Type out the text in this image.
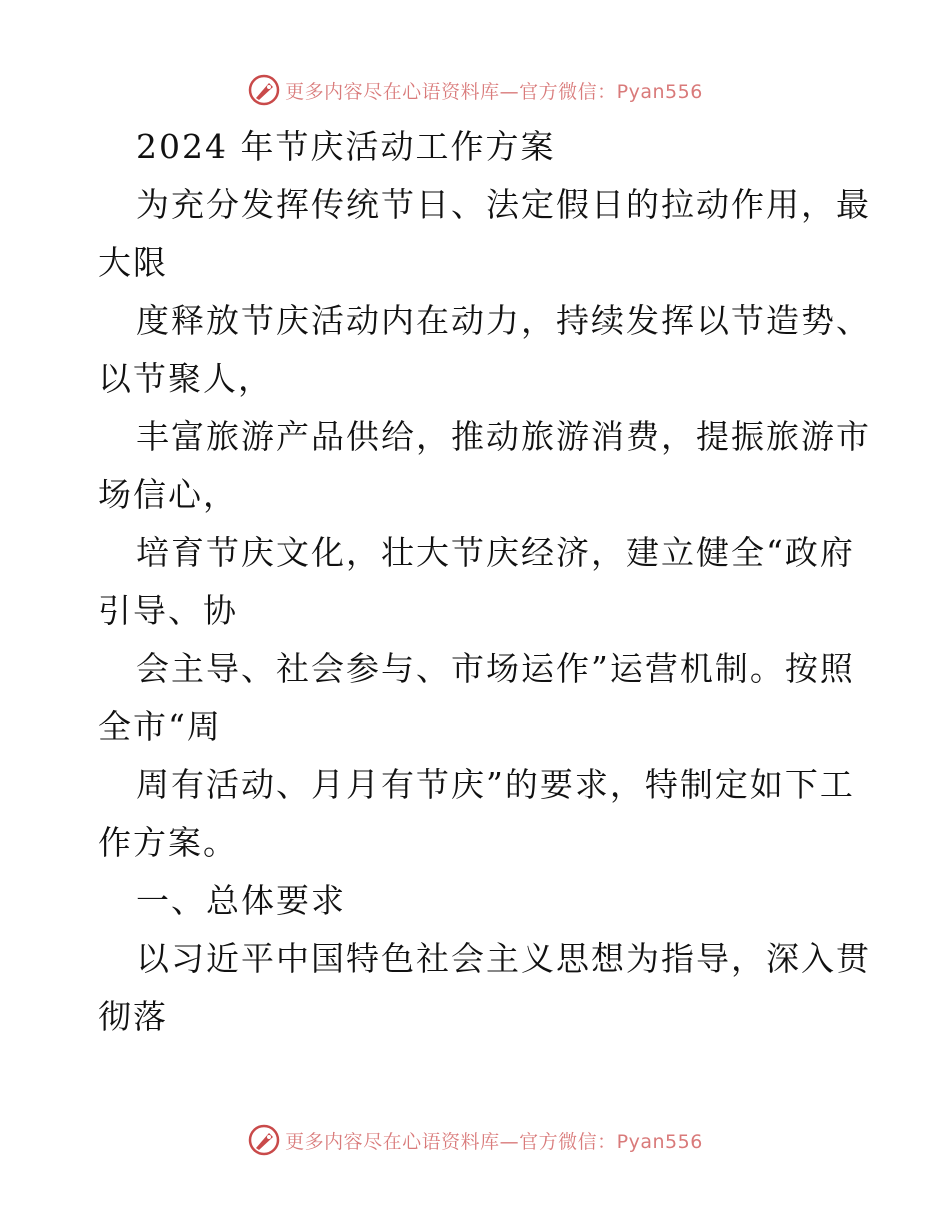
更多内容尽在心语资料库—官方微信：Pyan556
2024 年节庆活动工作方案
为充分发挥传统节日、法定假日的拉动作用，最
大限
度释放节庆活动内在动力，持续发挥以节造势、
以节聚人，
丰富旅游产品供给，推动旅游消费，提振旅游市
场信心，
培育节庆文化，壮大节庆经济，建立健全“政府
引导、协
会主导、社会参与、市场运作”运营机制。按照
全市“周
周有活动、月月有节庆”的要求，特制定如下工
作方案。
一、总体要求
以习近平中国特色社会主义思想为指导，深入贯
彻落
更多内容尽在心语资料库—官方微信：Pyan556
